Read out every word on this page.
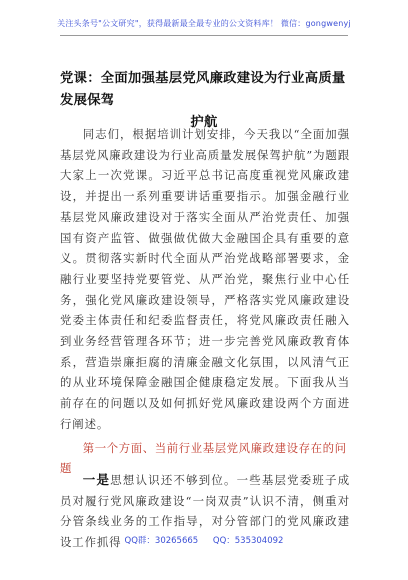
关注头条号"公文研究"，获得最新最全最专业的公文资料库！ 微信：gongwenyj
党课：全面加强基层党风廉政建设为行业高质量发展保驾
护航
同志们，根据培训计划安排，今天我以“全面加强基层党风廉政建设为行业高质量发展保驾护航”为题跟大家上一次党课。习近平总书记高度重视党风廉政建设，并提出一系列重要讲话重要指示。加强金融行业基层党风廉政建设对于落实全面从严治党责任、加强国有资产监管、做强做优做大金融国企具有重要的意义。贯彻落实新时代全面从严治党战略部署要求，金融行业要坚持党要管党、从严治党，聚焦行业中心任务，强化党风廉政建设领导，严格落实党风廉政建设党委主体责任和纪委监督责任，将党风廉政责任融入到业务经营管理各环节；进一步完善党风廉政教育体系，营造崇廉拒腐的清廉金融文化氛围，以风清气正的从业环境保障金融国企健康稳定发展。下面我从当前存在的问题以及如何抓好党风廉政建设两个方面进行阐述。
第一个方面、当前行业基层党风廉政建设存在的问题
一是思想认识还不够到位。一些基层党委班子成员对履行党风廉政建设“一岗双责”认识不清，侧重对分管条线业务的工作指导，对分管部门的党风廉政建设工作抓得 QQ群：30265665 QQ：535304092
